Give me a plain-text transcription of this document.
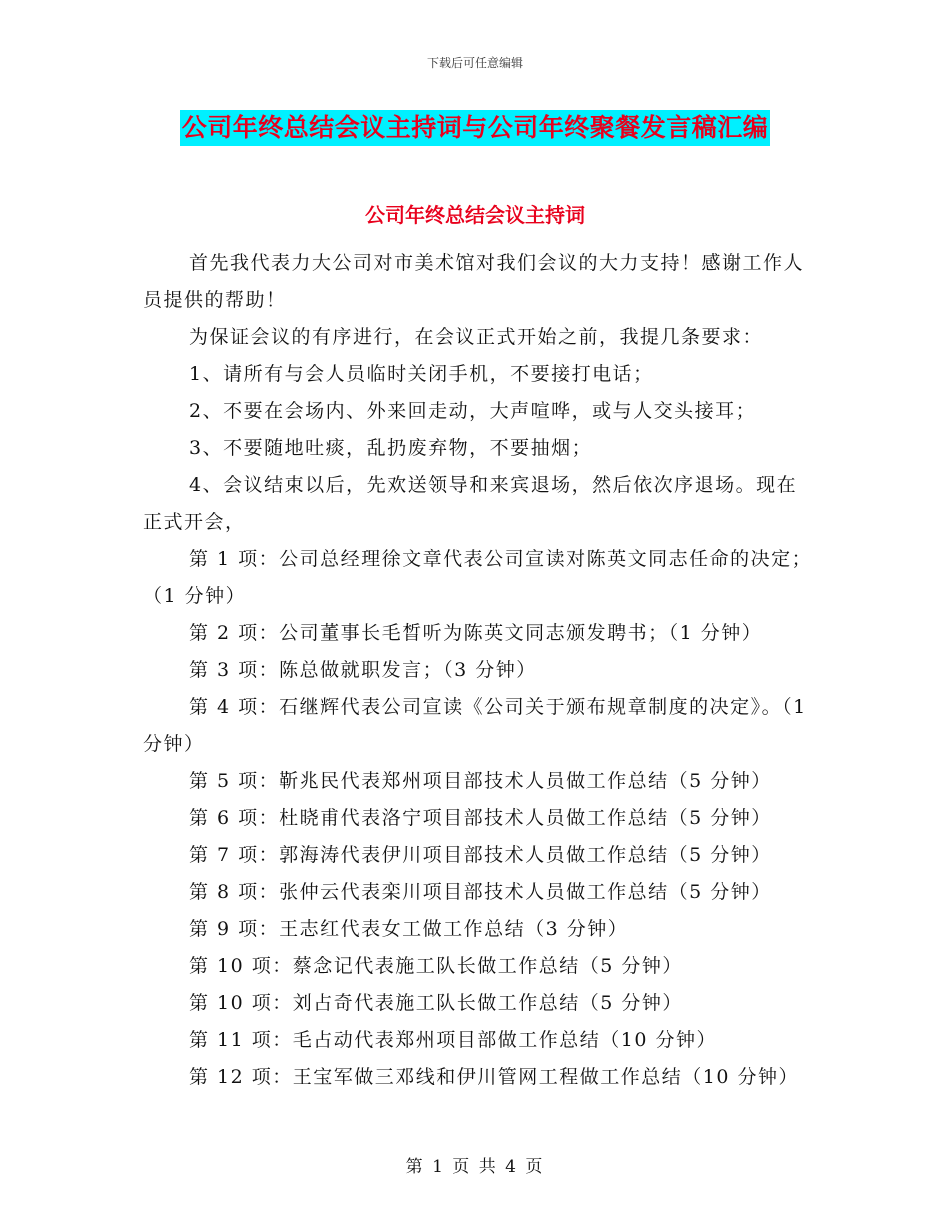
下载后可任意编辑
公司年终总结会议主持词与公司年终聚餐发言稿汇编
公司年终总结会议主持词

首先我代表力大公司对市美术馆对我们会议的大力支持！感谢工作人员提供的帮助！

为保证会议的有序进行，在会议正式开始之前，我提几条要求：

1、请所有与会人员临时关闭手机，不要接打电话；

2、不要在会场内、外来回走动，大声喧哗，或与人交头接耳；

3、不要随地吐痰，乱扔废弃物，不要抽烟；

4、会议结束以后，先欢送领导和来宾退场，然后依次序退场。现在正式开会，

第 1 项：公司总经理徐文章代表公司宣读对陈英文同志任命的决定；（1 分钟）

第 2 项：公司董事长毛晳听为陈英文同志颁发聘书；（1 分钟）

第 3 项：陈总做就职发言；（3 分钟）

第 4 项：石继辉代表公司宣读《公司关于颁布规章制度的决定》。（1 分钟）

第 5 项：靳兆民代表郑州项目部技术人员做工作总结（5 分钟）

第 6 项：杜晓甫代表洛宁项目部技术人员做工作总结（5 分钟）

第 7 项：郭海涛代表伊川项目部技术人员做工作总结（5 分钟）

第 8 项：张仲云代表栾川项目部技术人员做工作总结（5 分钟）

第 9 项：王志红代表女工做工作总结（3 分钟）

第 10 项：蔡念记代表施工队长做工作总结（5 分钟）

第 10 项：刘占奇代表施工队长做工作总结（5 分钟）

第 11 项：毛占动代表郑州项目部做工作总结（10 分钟）

第 12 项：王宝军做三邓线和伊川管网工程做工作总结（10 分钟）

第 1 页 共 4 页
